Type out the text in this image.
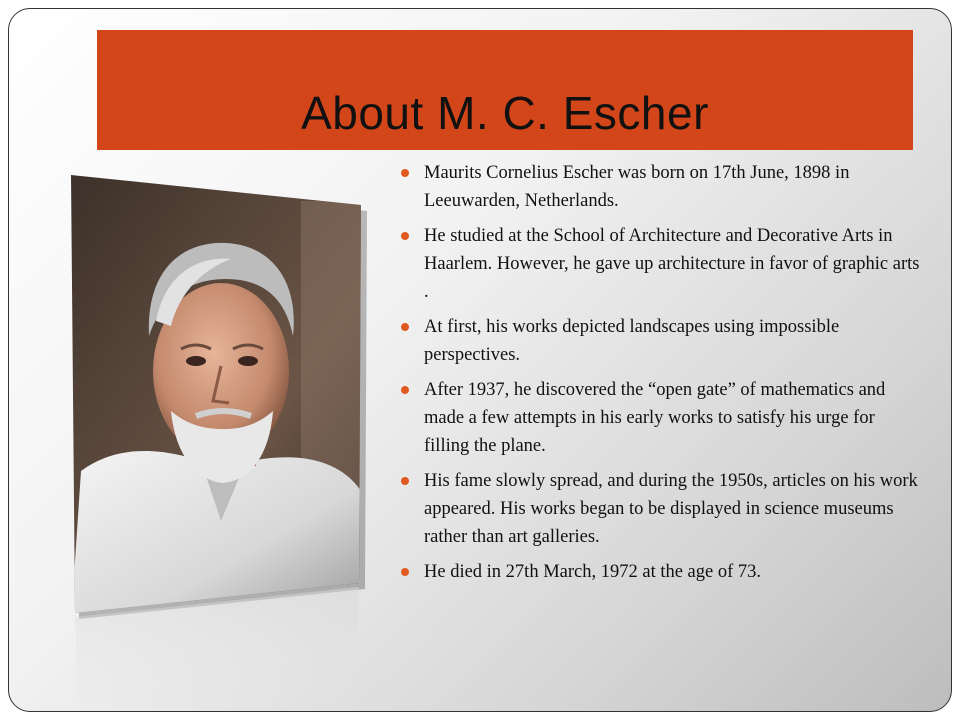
About M. C. Escher
Maurits Cornelius Escher was born on 17th June, 1898 in Leeuwarden, Netherlands.
He studied at the School of Architecture and Decorative Arts in Haarlem. However, he gave up architecture in favor of graphic arts .
At first, his works depicted landscapes using impossible perspectives.
After 1937, he discovered the “open gate” of mathematics and made a few attempts in his early works to satisfy his urge for filling the plane.
His fame slowly spread, and during the 1950s, articles on his work appeared. His works began to be displayed in science museums rather than art galleries.
He died in 27th March, 1972 at the age of 73.
